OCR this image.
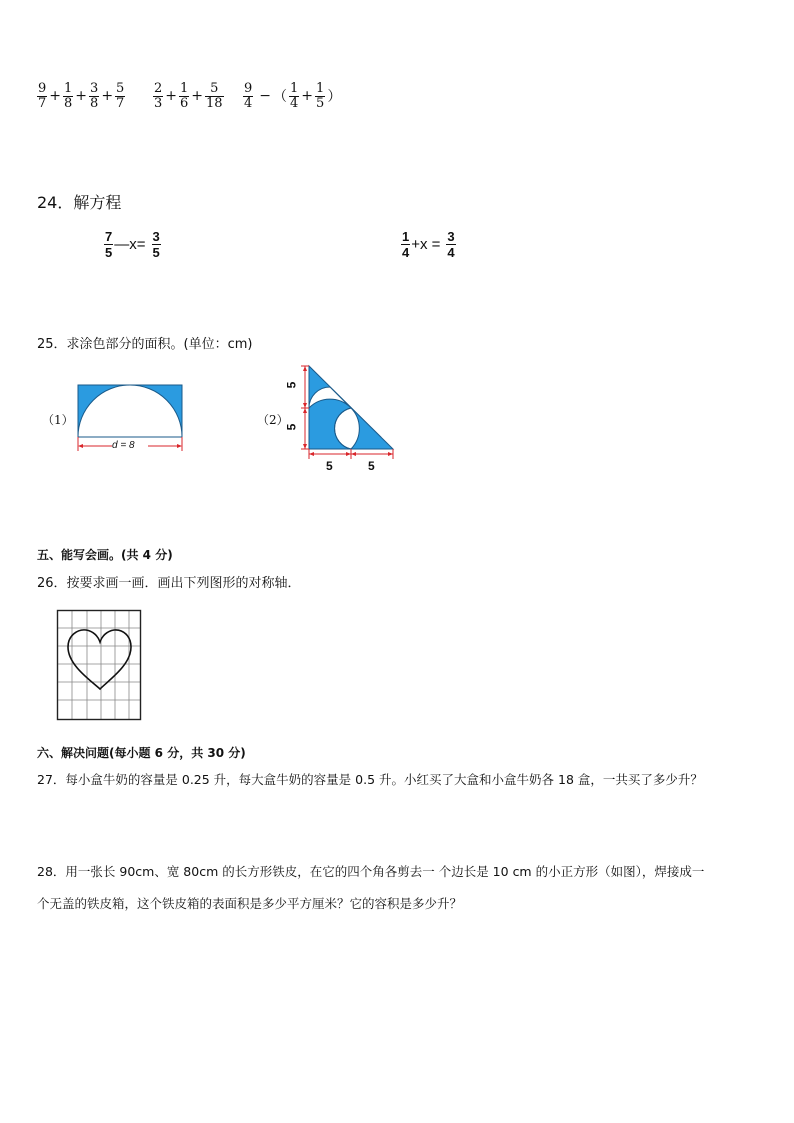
$\frac{9}{7} + \frac{1}{8} + \frac{3}{8} + \frac{5}{7} \frac{2}{3} + \frac{1}{6} + \frac{5}{18} \frac{9}{4}$ − （ $\frac{1}{4} + \frac{1}{5}$ ）
24．解方程
$\frac{7}{5}$ —x= $\frac{3}{5}$	$\frac{1}{4} +x = \frac{3}{4}$
25．求涂色部分的面积。(单位：cm)
（1）
d = 8
（2）
5
5
5	5
五、能写会画。(共 4 分)
26．按要求画一画．画出下列图形的对称轴．
六、解决问题(每小题 6 分，共 30 分)
27．每小盒牛奶的容量是 0.25 升，每大盒牛奶的容量是 0.5 升。小红买了大盒和小盒牛奶各 18 盒，一共买了多少升？
28．用一张长 90cm、宽 80cm 的长方形铁皮，在它的四个角各剪去一 个边长是 10 cm 的小正方形（如图），焊接成一
个无盖的铁皮箱，这个铁皮箱的表面积是多少平方厘米？它的容积是多少升？
